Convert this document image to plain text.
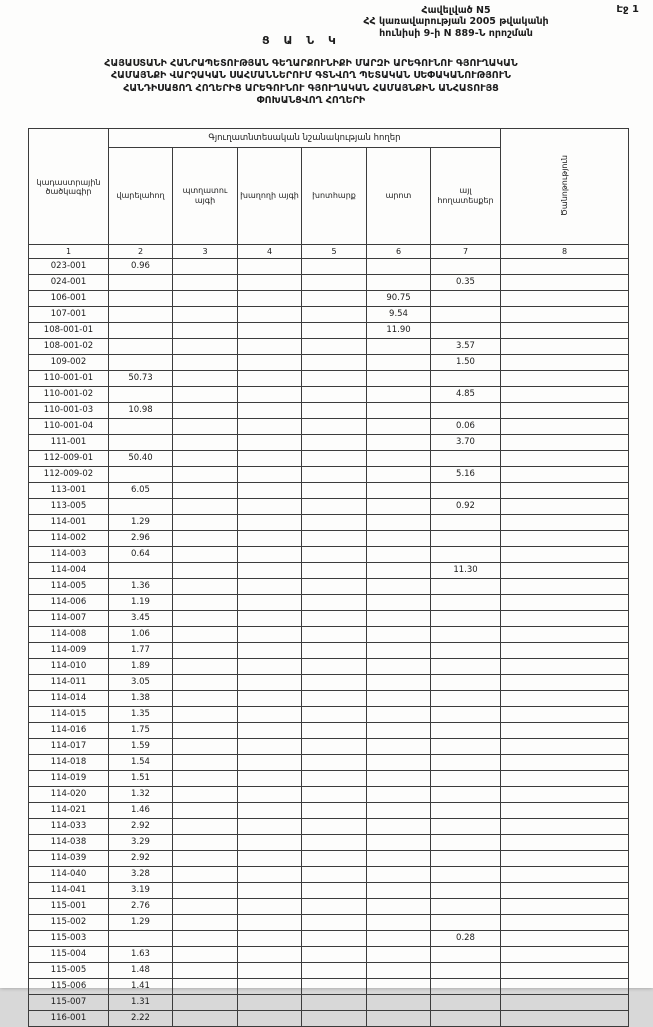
Էջ 1
Հավելված N5
ՀՀ կառավարության 2005 թվականի
հունիսի 9-ի N 889-Ն որոշման
Ց Ա Ն Կ
ՀԱՅԱՍՏԱՆԻ ՀԱՆՐԱՊԵՏՈՒԹՅԱՆ ԳԵՂԱՐՔՈՒՆԻՔԻ ՄԱՐԶԻ ԱՐԵԳՈՒՆՈՒ ԳՅՈՒՂԱԿԱՆ
ՀԱՄԱՅՆՔԻ ՎԱՐՉԱԿԱՆ ՍԱՀՄԱՆՆԵՐՈՒՄ ԳՏՆՎՈՂ ՊԵՏԱԿԱՆ ՍԵՓԱԿԱՆՈՒԹՅՈՒՆ
ՀԱՆԴԻՍԱՑՈՂ ՀՈՂԵՐԻՑ ԱՐԵԳՈՒՆՈՒ ԳՅՈՒՂԱԿԱՆ ՀԱՄԱՅՆՔԻՆ ԱՆՀԱՏՈՒՅՑ
ՓՈԽԱՆՑՎՈՂ ՀՈՂԵՐԻ
կադաստրային ծածկագիր	Գյուղատնտեսական նշանակության հողեր						Ծանոթություն
	վարելահող	պտղատու այգի	խաղողի այգի	խոտհարք	արոտ	այլ հողատեսքեր	
1	2	3	4	5	6	7	8
023-001	0.96						
024-001						0.35	
106-001					90.75		
107-001					9.54		
108-001-01					11.90		
108-001-02						3.57	
109-002						1.50	
110-001-01	50.73						
110-001-02						4.85	
110-001-03	10.98						
110-001-04						0.06	
111-001						3.70	
112-009-01	50.40						
112-009-02						5.16	
113-001	6.05						
113-005						0.92	
114-001	1.29						
114-002	2.96						
114-003	0.64						
114-004						11.30	
114-005	1.36						
114-006	1.19						
114-007	3.45						
114-008	1.06						
114-009	1.77						
114-010	1.89						
114-011	3.05						
114-014	1.38						
114-015	1.35						
114-016	1.75						
114-017	1.59						
114-018	1.54						
114-019	1.51						
114-020	1.32						
114-021	1.46						
114-033	2.92						
114-038	3.29						
114-039	2.92						
114-040	3.28						
114-041	3.19						
115-001	2.76						
115-002	1.29						
115-003						0.28	
115-004	1.63						
115-005	1.48						
115-006	1.41						
115-007	1.31						
116-001	2.22						
